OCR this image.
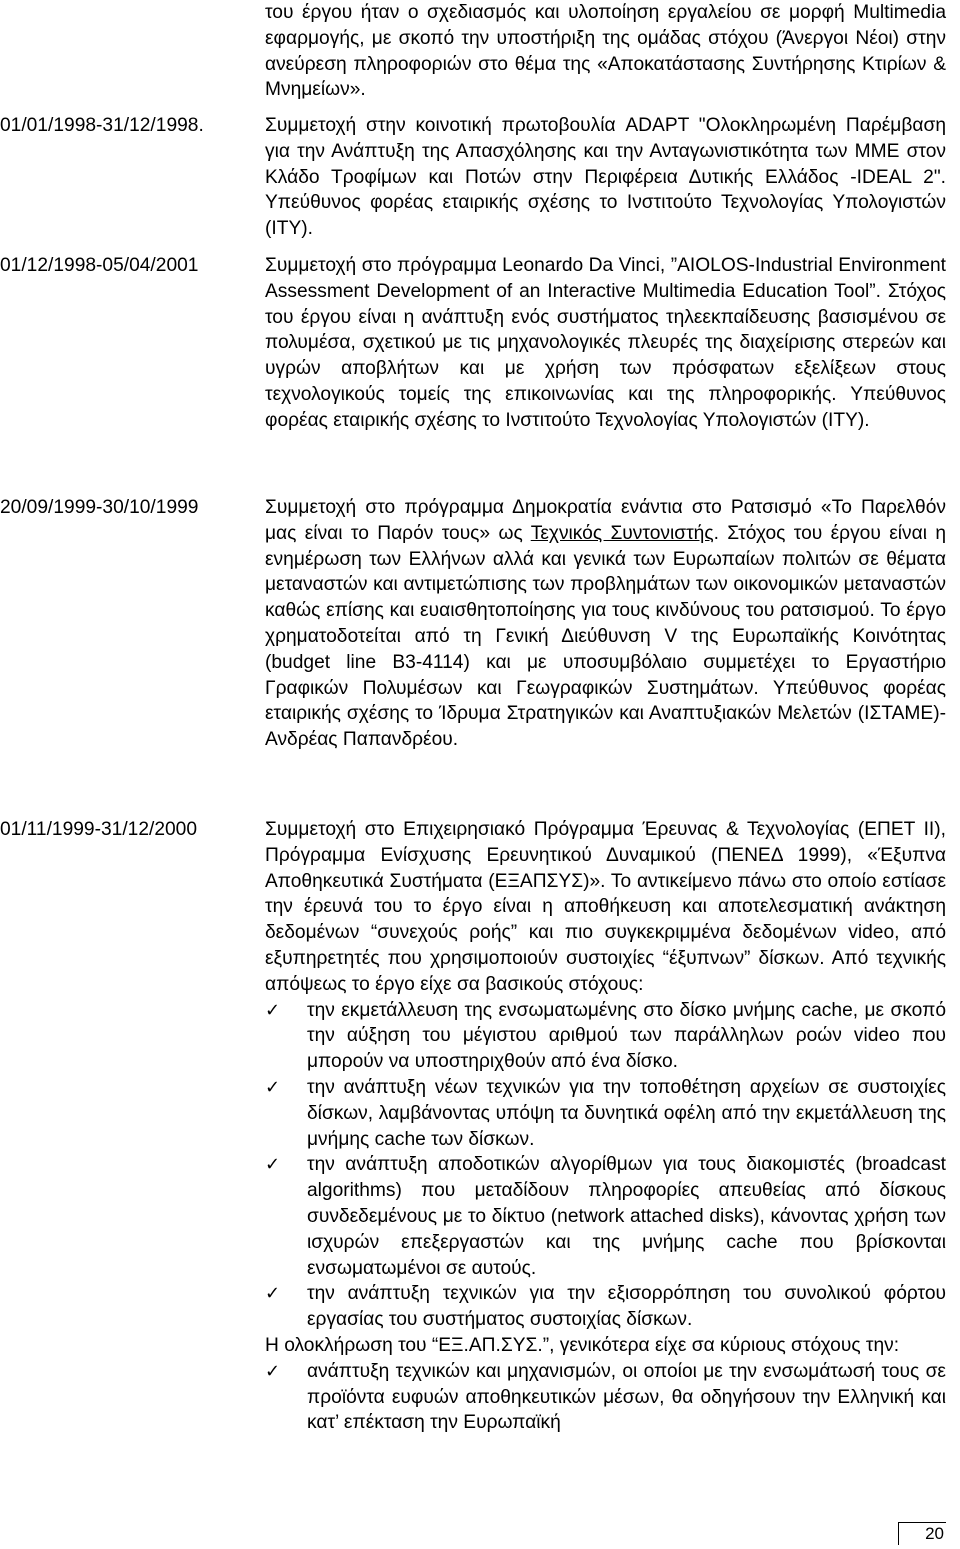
του έργου ήταν ο σχεδιασμός και υλοποίηση εργαλείου σε μορφή Multimedia εφαρμογής, με σκοπό την υποστήριξη της ομάδας στόχου (Άνεργοι Νέοι) στην ανεύρεση πληροφοριών στο θέμα της «Αποκατάστασης Συντήρησης Κτιρίων & Μνημείων».
01/01/1998-31/12/1998.	Συμμετοχή στην κοινοτική πρωτοβουλία ADAPT "Ολοκληρωμένη Παρέμβαση για την Ανάπτυξη της Απασχόλησης και την Ανταγωνιστικότητα των ΜΜΕ στον Κλάδο Τροφίμων και Ποτών στην Περιφέρεια Δυτικής Ελλάδος -IDEAL 2". Υπεύθυνος φορέας εταιρικής σχέσης το Ινστιτούτο Τεχνολογίας Υπολογιστών (ΙΤΥ).
01/12/1998-05/04/2001	Συμμετοχή στο πρόγραμμα Leonardo Da Vinci, ”AIOLOS-Industrial Environment Assessment Development of an Interactive Multimedia Education Tool”. Στόχος του έργου είναι η ανάπτυξη ενός συστήματος τηλεεκπαίδευσης βασισμένου σε πολυμέσα, σχετικού με τις μηχανολογικές πλευρές της διαχείρισης στερεών και υγρών αποβλήτων και με χρήση των πρόσφατων εξελίξεων στους τεχνολογικούς τομείς της επικοινωνίας και της πληροφορικής. Υπεύθυνος φορέας εταιρικής σχέσης το Ινστιτούτο Τεχνολογίας Υπολογιστών (ΙΤΥ).
20/09/1999-30/10/1999	Συμμετοχή στο πρόγραμμα Δημοκρατία ενάντια στο Ρατσισμό «Το Παρελθόν μας είναι το Παρόν τους» ως Τεχνικός Συντονιστής. Στόχος του έργου είναι η ενημέρωση των Ελλήνων αλλά και γενικά των Ευρωπαίων πολιτών σε θέματα μεταναστών και αντιμετώπισης των προβλημάτων των οικονομικών μεταναστών καθώς επίσης και ευαισθητοποίησης για τους κινδύνους του ρατσισμού. Το έργο χρηματοδοτείται από τη Γενική Διεύθυνση V της Ευρωπαϊκής Κοινότητας (budget line Β3-4114) και με υποσυμβόλαιο συμμετέχει το Εργαστήριο Γραφικών Πολυμέσων και Γεωγραφικών Συστημάτων. Υπεύθυνος φορέας εταιρικής σχέσης το Ίδρυμα Στρατηγικών και Αναπτυξιακών Μελετών (ΙΣΤΑΜΕ)-Ανδρέας Παπανδρέου.
01/11/1999-31/12/2000	Συμμετοχή στο Επιχειρησιακό Πρόγραμμα Έρευνας & Τεχνολογίας (ΕΠΕΤ ΙΙ), Πρόγραμμα Ενίσχυσης Ερευνητικού Δυναμικού (ΠΕΝΕΔ 1999), «Έξυπνα Αποθηκευτικά Συστήματα (ΕΞΑΠΣΥΣ)». Το αντικείμενο πάνω στο οποίο εστίασε την έρευνά του το έργο είναι η αποθήκευση και αποτελεσματική ανάκτηση δεδομένων “συνεχούς ροής” και πιο συγκεκριμμένα δεδομένων video, από εξυπηρετητές που χρησιμοποιούν συστοιχίες “έξυπνων” δίσκων. Από τεχνικής απόψεως το έργο είχε σα βασικούς στόχους:

✓ την εκμετάλλευση της ενσωματωμένης στο δίσκο μνήμης cache, με σκοπό την αύξηση του μέγιστου αριθμού των παράλληλων ροών video που μπορούν να υποστηριχθούν από ένα δίσκο.
✓ την ανάπτυξη νέων τεχνικών για την τοποθέτηση αρχείων σε συστοιχίες δίσκων, λαμβάνοντας υπόψη τα δυνητικά οφέλη από την εκμετάλλευση της μνήμης cache των δίσκων.
✓ την ανάπτυξη αποδοτικών αλγορίθμων για τους διακομιστές (broadcast algorithms) που μεταδίδουν πληροφορίες απευθείας από δίσκους συνδεδεμένους με το δίκτυο (network attached disks), κάνοντας χρήση των ισχυρών επεξεργαστών και της μνήμης cache που βρίσκονται ενσωματωμένοι σε αυτούς.
✓ την ανάπτυξη τεχνικών για την εξισορρόπηση του συνολικού φόρτου εργασίας του συστήματος συστοιχίας δίσκων.

Η ολοκλήρωση του “ΕΞ.ΑΠ.ΣΥΣ.”, γενικότερα είχε σα κύριους στόχους την:

✓ ανάπτυξη τεχνικών και μηχανισμών, οι οποίοι με την ενσωμάτωσή τους σε προϊόντα ευφυών αποθηκευτικών μέσων, θα οδηγήσουν την Ελληνική και κατ’ επέκταση την Ευρωπαϊκή
20
